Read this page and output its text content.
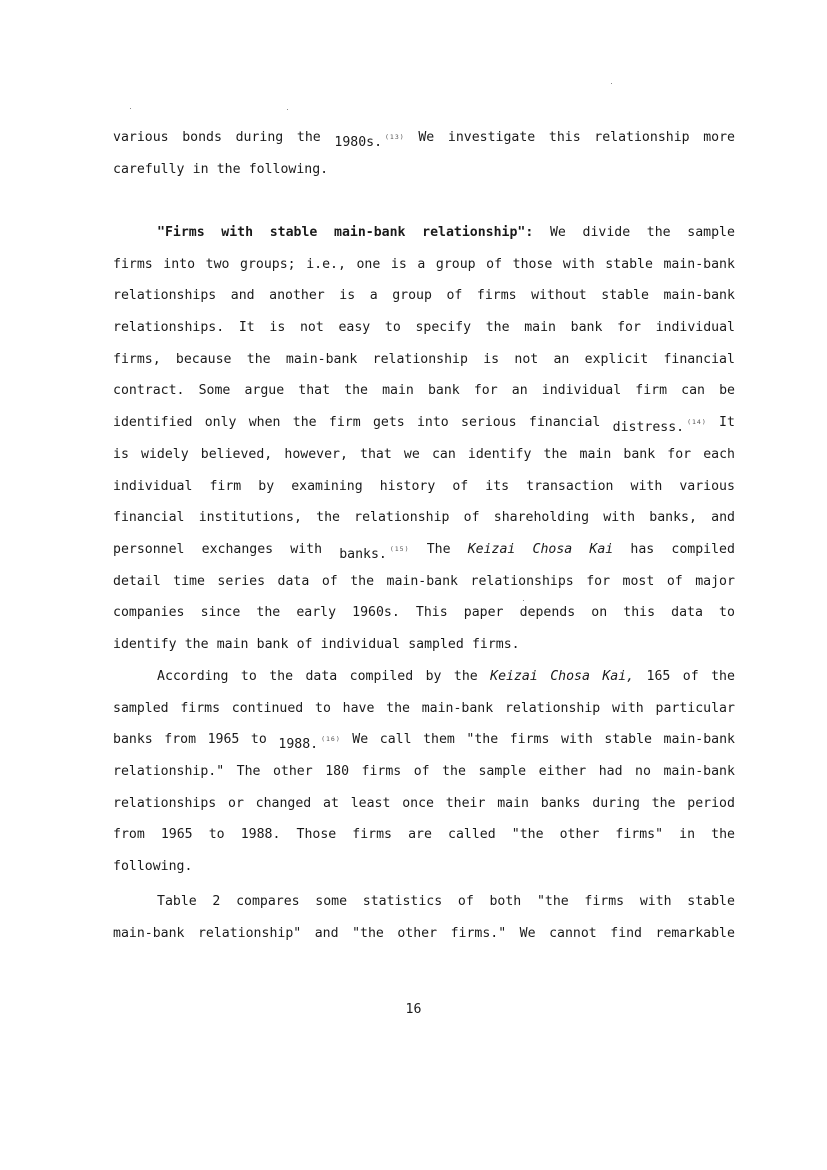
various bonds during the 1980s. $^{(13)}$ We investigate this relationship more
carefully in the following.
"Firms with stable main-bank relationship": We divide the sample
firms into two groups; i.e., one is a group of those with stable main-bank
relationships and another is a group of firms without stable main-bank
relationships. It is not easy to specify the main bank for individual
firms, because the main-bank relationship is not an explicit financial
contract. Some argue that the main bank for an individual firm can be
identified only when the firm gets into serious financial distress. $^{(14)}$ It
is widely believed, however, that we can identify the main bank for each
individual firm by examining history of its transaction with various
financial institutions, the relationship of shareholding with banks, and
personnel exchanges with banks. $^{(15)}$ The Keizai Chosa Kai has compiled
detail time series data of the main-bank relationships for most of major
companies since the early 1960s. This paper depends on this data to
identify the main bank of individual sampled firms.
According to the data compiled by the Keizai Chosa Kai, 165 of the
sampled firms continued to have the main-bank relationship with particular
banks from 1965 to 1988. $^{(16)}$ We call them "the firms with stable main-bank
relationship." The other 180 firms of the sample either had no main-bank
relationships or changed at least once their main banks during the period
from 1965 to 1988. Those firms are called "the other firms" in the
following.
Table 2 compares some statistics of both "the firms with stable
main-bank relationship" and "the other firms." We cannot find remarkable
16
